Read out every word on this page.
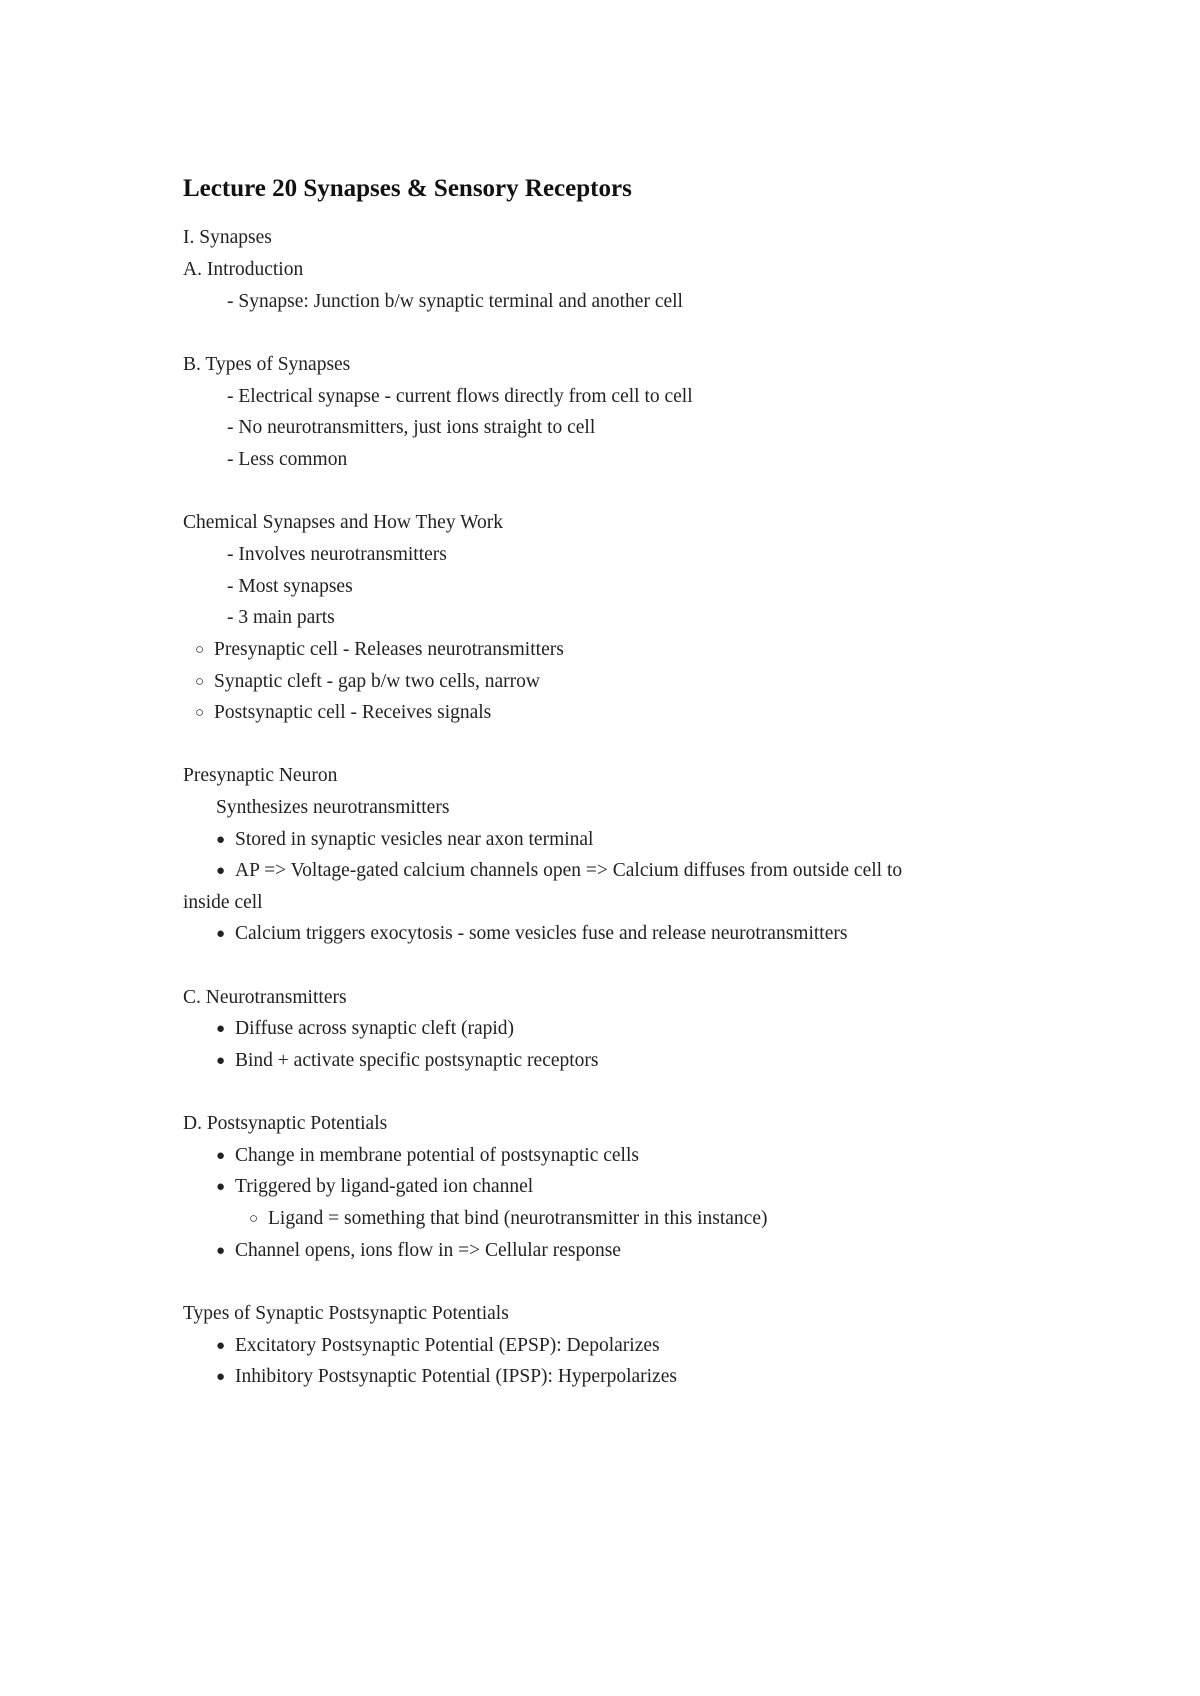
Lecture 20 Synapses & Sensory Receptors
I. Synapses
A. Introduction
- Synapse: Junction b/w synaptic terminal and another cell
B. Types of Synapses
- Electrical synapse - current flows directly from cell to cell
- No neurotransmitters, just ions straight to cell
- Less common
Chemical Synapses and How They Work
- Involves neurotransmitters
- Most synapses
- 3 main parts
○ Presynaptic cell - Releases neurotransmitters
○ Synaptic cleft - gap b/w two cells, narrow
○ Postsynaptic cell - Receives signals
Presynaptic Neuron
Synthesizes neurotransmitters
● Stored in synaptic vesicles near axon terminal
● AP => Voltage-gated calcium channels open => Calcium diffuses from outside cell to
inside cell
● Calcium triggers exocytosis - some vesicles fuse and release neurotransmitters
C. Neurotransmitters
● Diffuse across synaptic cleft (rapid)
● Bind + activate specific postsynaptic receptors
D. Postsynaptic Potentials
● Change in membrane potential of postsynaptic cells
● Triggered by ligand-gated ion channel
○ Ligand = something that bind (neurotransmitter in this instance)
● Channel opens, ions flow in => Cellular response
Types of Synaptic Postsynaptic Potentials
● Excitatory Postsynaptic Potential (EPSP): Depolarizes
● Inhibitory Postsynaptic Potential (IPSP): Hyperpolarizes
